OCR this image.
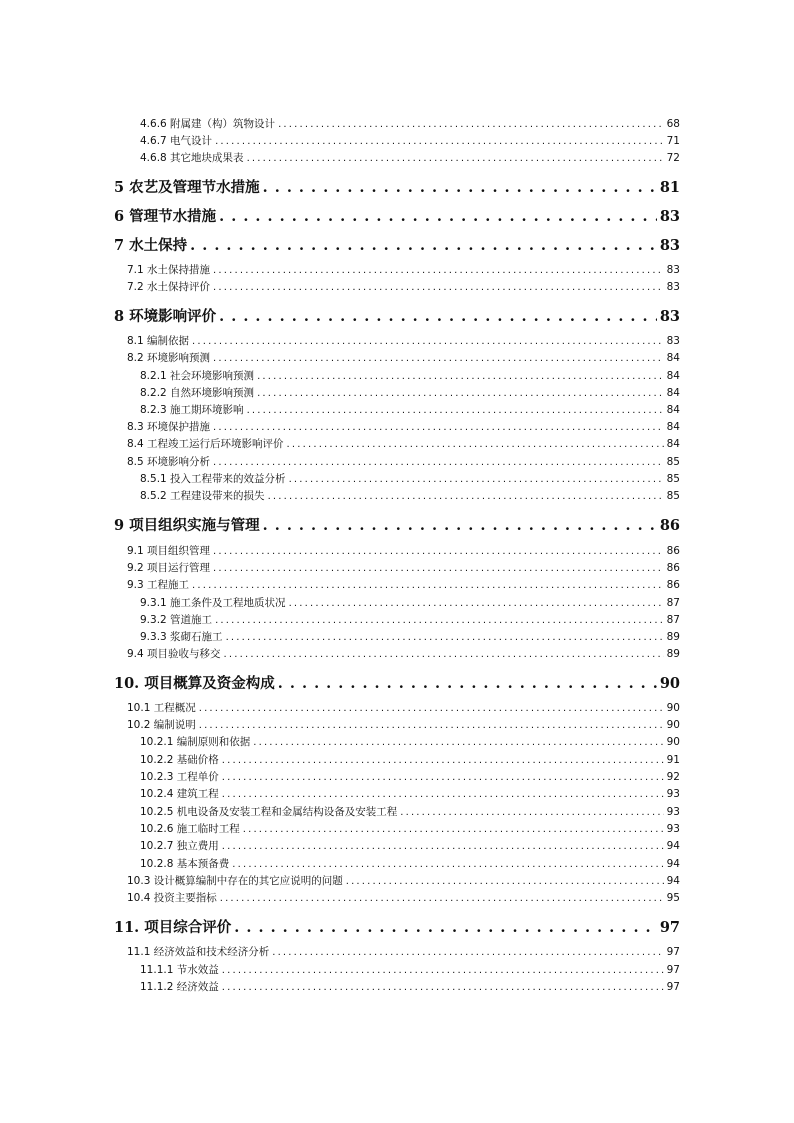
4.6.6 附属建（构）筑物设计 . . .	68
4.6.7 电气设计 . . .	71
4.6.8 其它地块成果表 . . .	72
5 农艺及管理节水措施 . . .	81
6 管理节水措施 . . .	83
7 水土保持 . . .	83
7.1 水土保持措施 . . .	83
7.2 水土保持评价 . . .	83
8 环境影响评价 . . .	83
8.1 编制依据 . . .	83
8.2 环境影响预测 . . .	84
8.2.1 社会环境影响预测 . . .	84
8.2.2 自然环境影响预测 . . .	84
8.2.3 施工期环境影响 . . .	84
8.3 环境保护措施 . . .	84
8.4 工程竣工运行后环境影响评价 . . .	84
8.5 环境影响分析 . . .	85
8.5.1 投入工程带来的效益分析 . . .	85
8.5.2 工程建设带来的损失 . . .	85
9 项目组织实施与管理 . . .	86
9.1 项目组织管理 . . .	86
9.2 项目运行管理 . . .	86
9.3 工程施工 . . .	86
9.3.1 施工条件及工程地质状况 . . .	87
9.3.2 管道施工 . . .	87
9.3.3 浆砌石施工 . . .	89
9.4 项目验收与移交 . . .	89
10. 项目概算及资金构成 . . .	90
10.1 工程概况 . . .	90
10.2 编制说明 . . .	90
10.2.1 编制原则和依据 . . .	90
10.2.2 基础价格 . . .	91
10.2.3 工程单价 . . .	92
10.2.4 建筑工程 . . .	93
10.2.5 机电设备及安装工程和金属结构设备及安装工程 . . .	93
10.2.6 施工临时工程 . . .	93
10.2.7 独立费用 . . .	94
10.2.8 基本预备费 . . .	94
10.3 设计概算编制中存在的其它应说明的问题 . . .	94
10.4 投资主要指标 . . .	95
11. 项目综合评价 . . .	97
11.1 经济效益和技术经济分析 . . .	97
11.1.1 节水效益 . . .	97
11.1.2 经济效益 . . .	97
